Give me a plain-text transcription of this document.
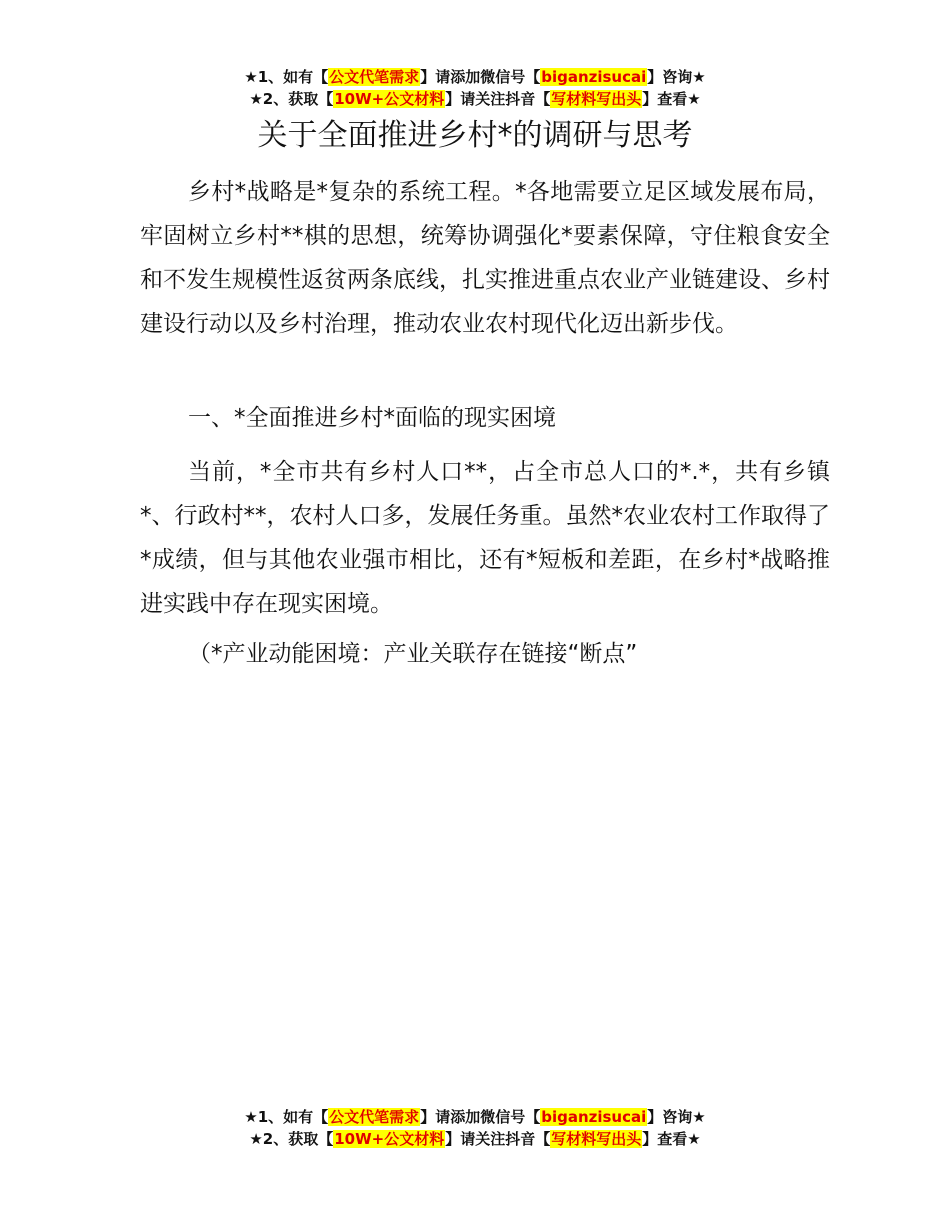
★1、如有【公文代笔需求】请添加微信号【biganzisucai】咨询★
★2、获取【10W+公文材料】请关注抖音【写材料写出头】查看★
关于全面推进乡村*的调研与思考

乡村*战略是*复杂的系统工程。*各地需要立足区域发展布局，牢固树立乡村**棋的思想，统筹协调强化*要素保障，守住粮食安全和不发生规模性返贫两条底线，扎实推进重点农业产业链建设、乡村建设行动以及乡村治理，推动农业农村现代化迈出新步伐。

一、*全面推进乡村*面临的现实困境

当前，*全市共有乡村人口**，占全市总人口的*.*，共有乡镇*、行政村**，农村人口多，发展任务重。虽然*农业农村工作取得了*成绩，但与其他农业强市相比，还有*短板和差距，在乡村*战略推进实践中存在现实困境。

（*产业动能困境：产业关联存在链接“断点”

★1、如有【公文代笔需求】请添加微信号【biganzisucai】咨询★
★2、获取【10W+公文材料】请关注抖音【写材料写出头】查看★
